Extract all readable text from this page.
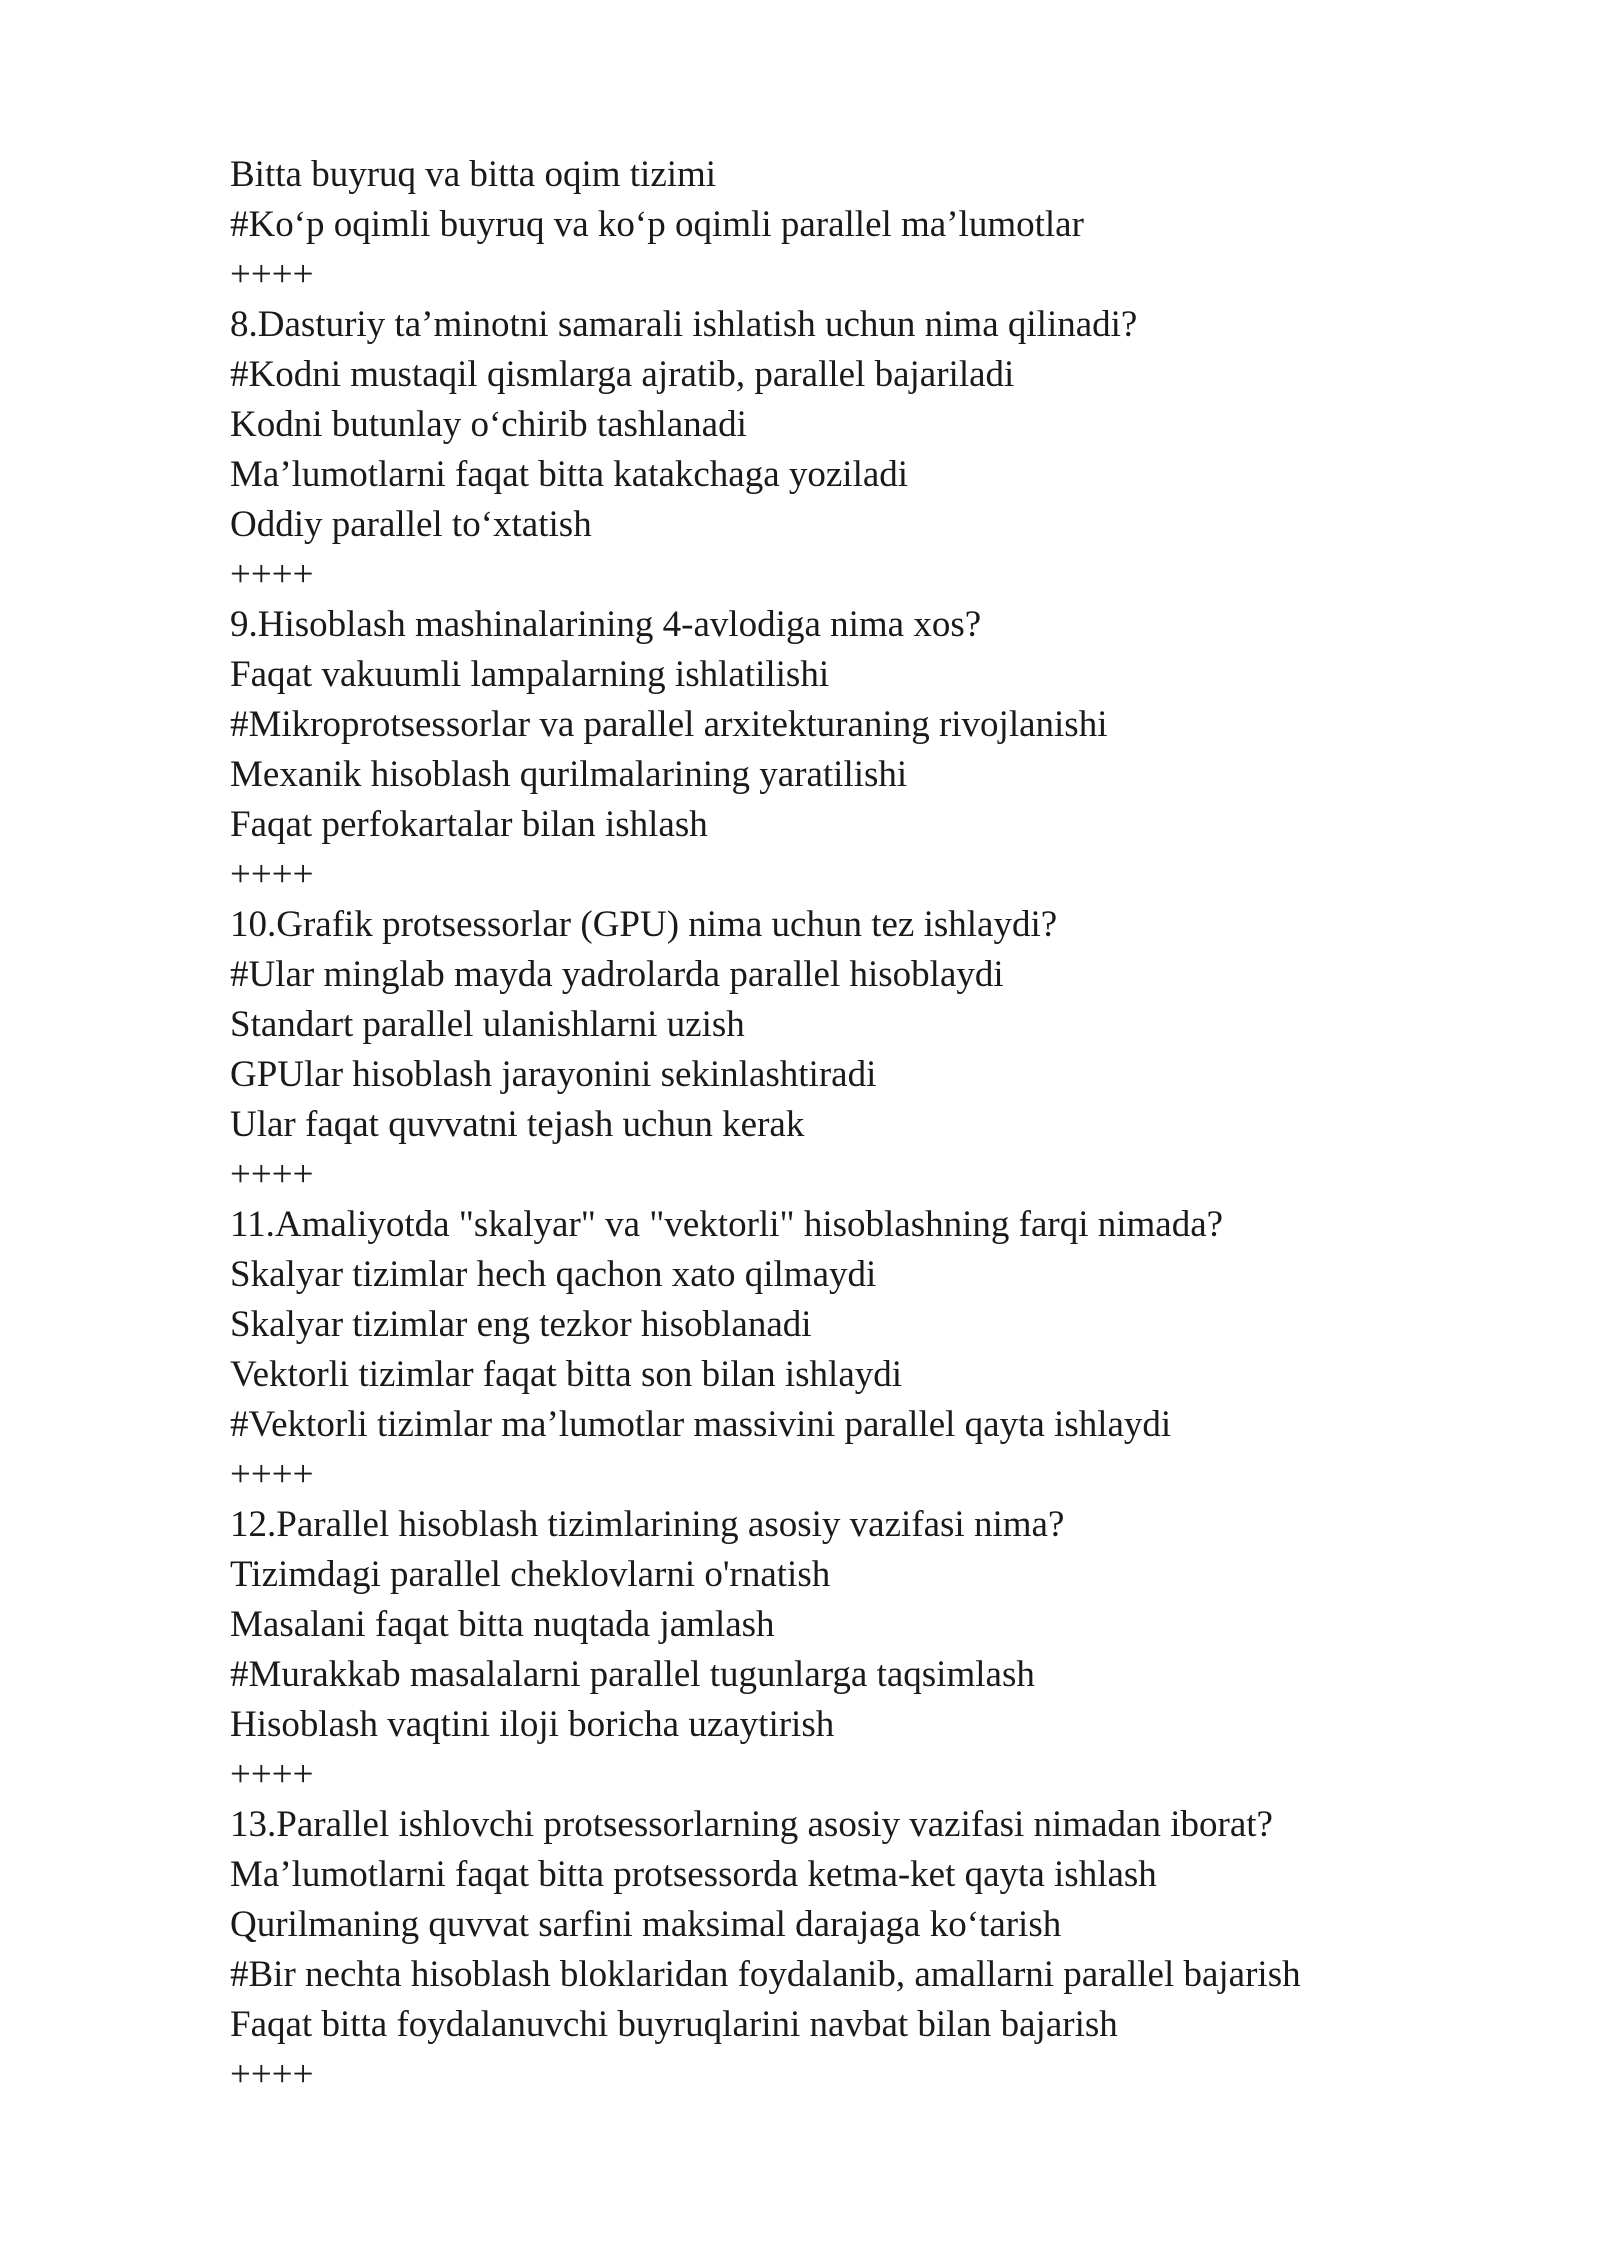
Bitta buyruq va bitta oqim tizimi
#Ko‘p oqimli buyruq va ko‘p oqimli parallel ma’lumotlar
++++
8.Dasturiy ta’minotni samarali ishlatish uchun nima qilinadi?
#Kodni mustaqil qismlarga ajratib, parallel bajariladi
Kodni butunlay o‘chirib tashlanadi
Ma’lumotlarni faqat bitta katakchaga yoziladi
Oddiy parallel to‘xtatish
++++
9.Hisoblash mashinalarining 4-avlodiga nima xos?
Faqat vakuumli lampalarning ishlatilishi
#Mikroprotsessorlar va parallel arxitekturaning rivojlanishi
Mexanik hisoblash qurilmalarining yaratilishi
Faqat perfokartalar bilan ishlash
++++
10.Grafik protsessorlar (GPU) nima uchun tez ishlaydi?
#Ular minglab mayda yadrolarda parallel hisoblaydi
Standart parallel ulanishlarni uzish
GPUlar hisoblash jarayonini sekinlashtiradi
Ular faqat quvvatni tejash uchun kerak
++++
11.Amaliyotda "skalyar" va "vektorli" hisoblashning farqi nimada?
Skalyar tizimlar hech qachon xato qilmaydi
Skalyar tizimlar eng tezkor hisoblanadi
Vektorli tizimlar faqat bitta son bilan ishlaydi
#Vektorli tizimlar ma’lumotlar massivini parallel qayta ishlaydi
++++
12.Parallel hisoblash tizimlarining asosiy vazifasi nima?
Tizimdagi parallel cheklovlarni o'rnatish
Masalani faqat bitta nuqtada jamlash
#Murakkab masalalarni parallel tugunlarga taqsimlash
Hisoblash vaqtini iloji boricha uzaytirish
++++
13.Parallel ishlovchi protsessorlarning asosiy vazifasi nimadan iborat?
Ma’lumotlarni faqat bitta protsessorda ketma-ket qayta ishlash
Qurilmaning quvvat sarfini maksimal darajaga ko‘tarish
#Bir nechta hisoblash bloklaridan foydalanib, amallarni parallel bajarish
Faqat bitta foydalanuvchi buyruqlarini navbat bilan bajarish
++++
